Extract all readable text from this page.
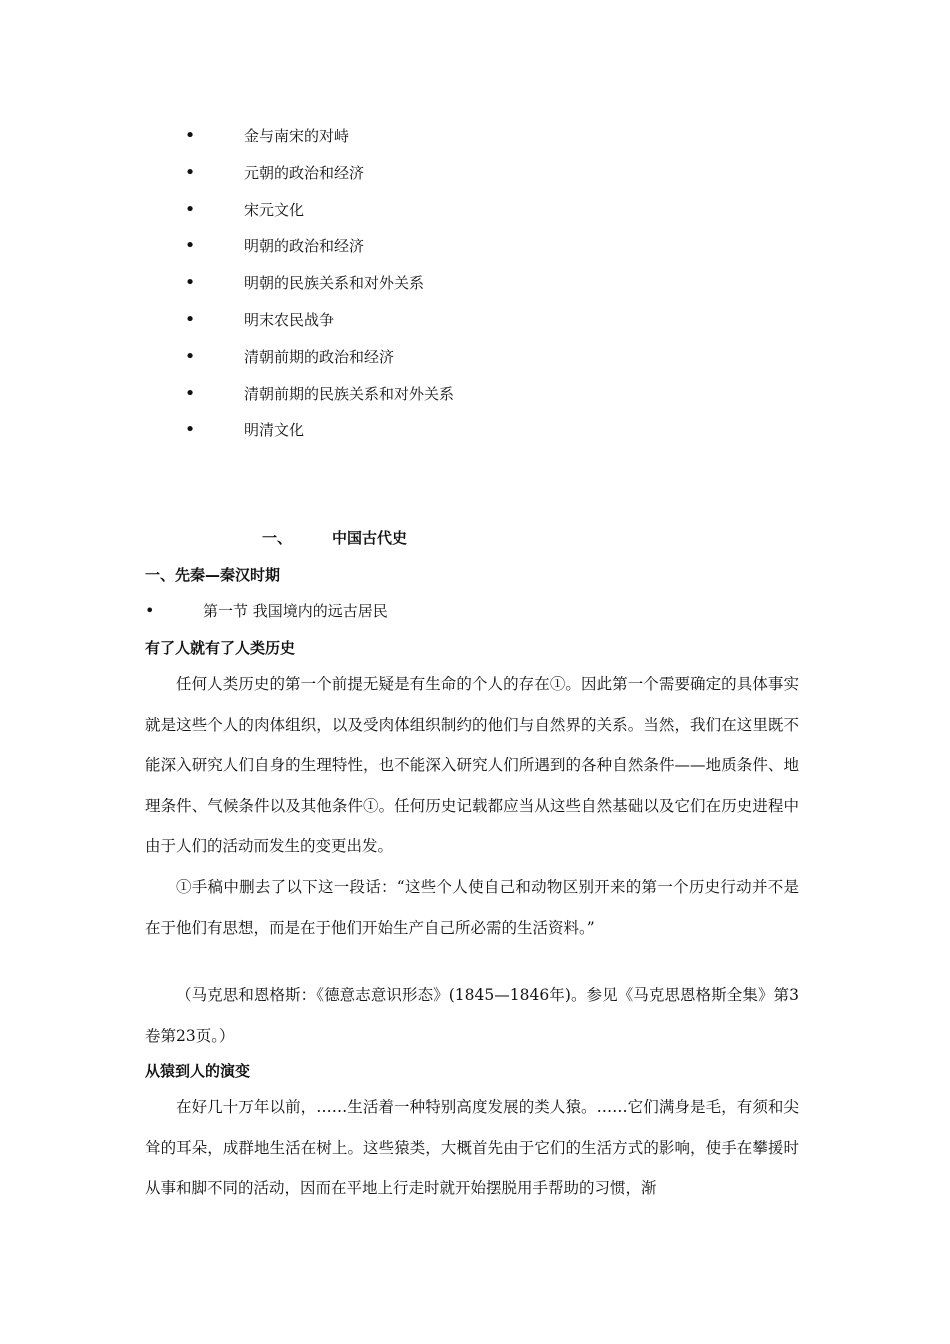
•	金与南宋的对峙
•	元朝的政治和经济
•	宋元文化
•	明朝的政治和经济
•	明朝的民族关系和对外关系
•	明末农民战争
•	清朝前期的政治和经济
•	清朝前期的民族关系和对外关系
•	明清文化
一、	中国古代史
一、先秦—秦汉时期
•	第一节 我国境内的远古居民
有了人就有了人类历史

任何人类历史的第一个前提无疑是有生命的个人的存在①。因此第一个需要确定的具体事实就是这些个人的肉体组织，以及受肉体组织制约的他们与自然界的关系。当然，我们在这里既不能深入研究人们自身的生理特性，也不能深入研究人们所遇到的各种自然条件——地质条件、地理条件、气候条件以及其他条件①。任何历史记载都应当从这些自然基础以及它们在历史进程中由于人们的活动而发生的变更出发。

①手稿中删去了以下这一段话：“这些个人使自己和动物区别开来的第一个历史行动并不是在于他们有思想，而是在于他们开始生产自己所必需的生活资料。”

（马克思和恩格斯：《德意志意识形态》(1845—1846年)。参见《马克思恩格斯全集》第3卷第23页。）

从猿到人的演变

在好几十万年以前，……生活着一种特别高度发展的类人猿。……它们满身是毛，有须和尖耸的耳朵，成群地生活在树上。这些猿类，大概首先由于它们的生活方式的影响，使手在攀援时从事和脚不同的活动，因而在平地上行走时就开始摆脱用手帮助的习惯，渐
